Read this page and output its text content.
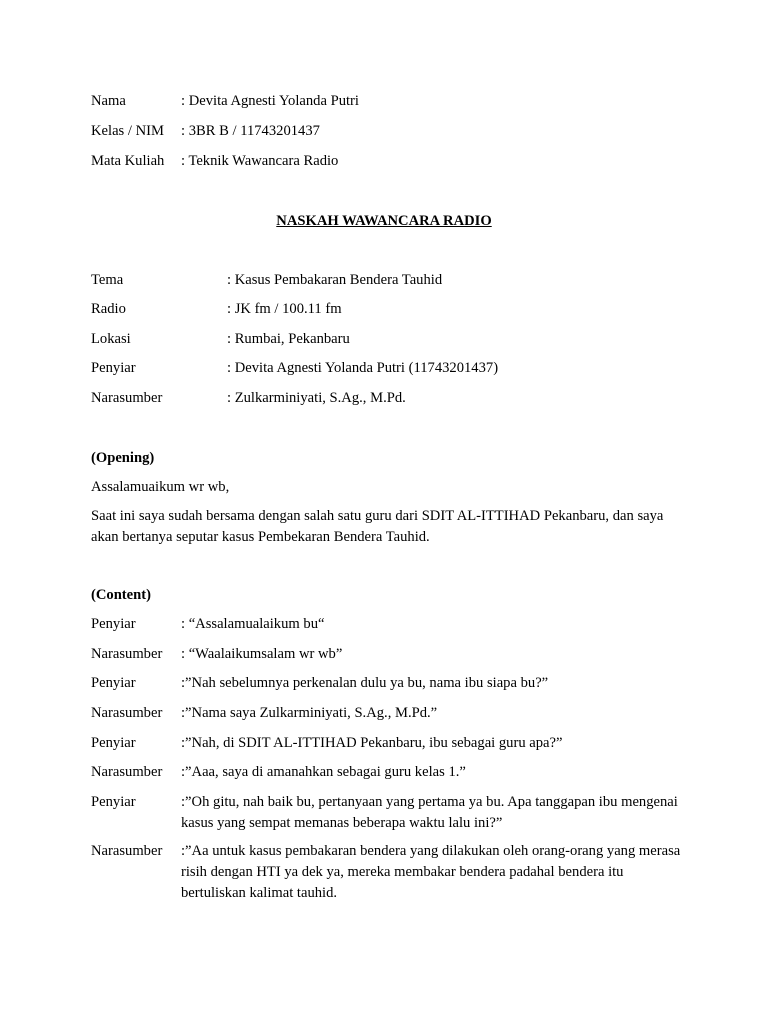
Nama	: Devita Agnesti Yolanda Putri
Kelas / NIM : 3BR B / 11743201437
Mata Kuliah : Teknik Wawancara Radio
NASKAH WAWANCARA RADIO
Tema	: Kasus Pembakaran Bendera Tauhid
Radio	: JK fm / 100.11 fm
Lokasi	: Rumbai, Pekanbaru
Penyiar	: Devita Agnesti Yolanda Putri (11743201437)
Narasumber	: Zulkarminiyati, S.Ag., M.Pd.
(Opening)
Assalamuaikum wr wb,
Saat ini saya sudah bersama dengan salah satu guru dari SDIT AL-ITTIHAD Pekanbaru, dan saya akan bertanya seputar kasus Pembekaran Bendera Tauhid.
(Content)
Penyiar	: “Assalamualaikum bu“
Narasumber : “Waalaikumsalam wr wb”
Penyiar	:”Nah sebelumnya perkenalan dulu ya bu, nama ibu siapa bu?”
Narasumber :”Nama saya Zulkarminiyati, S.Ag., M.Pd.”
Penyiar	:”Nah, di SDIT AL-ITTIHAD Pekanbaru, ibu sebagai guru apa?”
Narasumber :”Aaa, saya di amanahkan sebagai guru kelas 1.”
Penyiar	:”Oh gitu, nah baik bu, pertanyaan yang pertama ya bu. Apa tanggapan ibu mengenai kasus yang sempat memanas beberapa waktu lalu ini?”
Narasumber :”Aa untuk kasus pembakaran bendera yang dilakukan oleh orang-orang yang merasa risih dengan HTI ya dek ya, mereka membakar bendera padahal bendera itu bertuliskan kalimat tauhid.
